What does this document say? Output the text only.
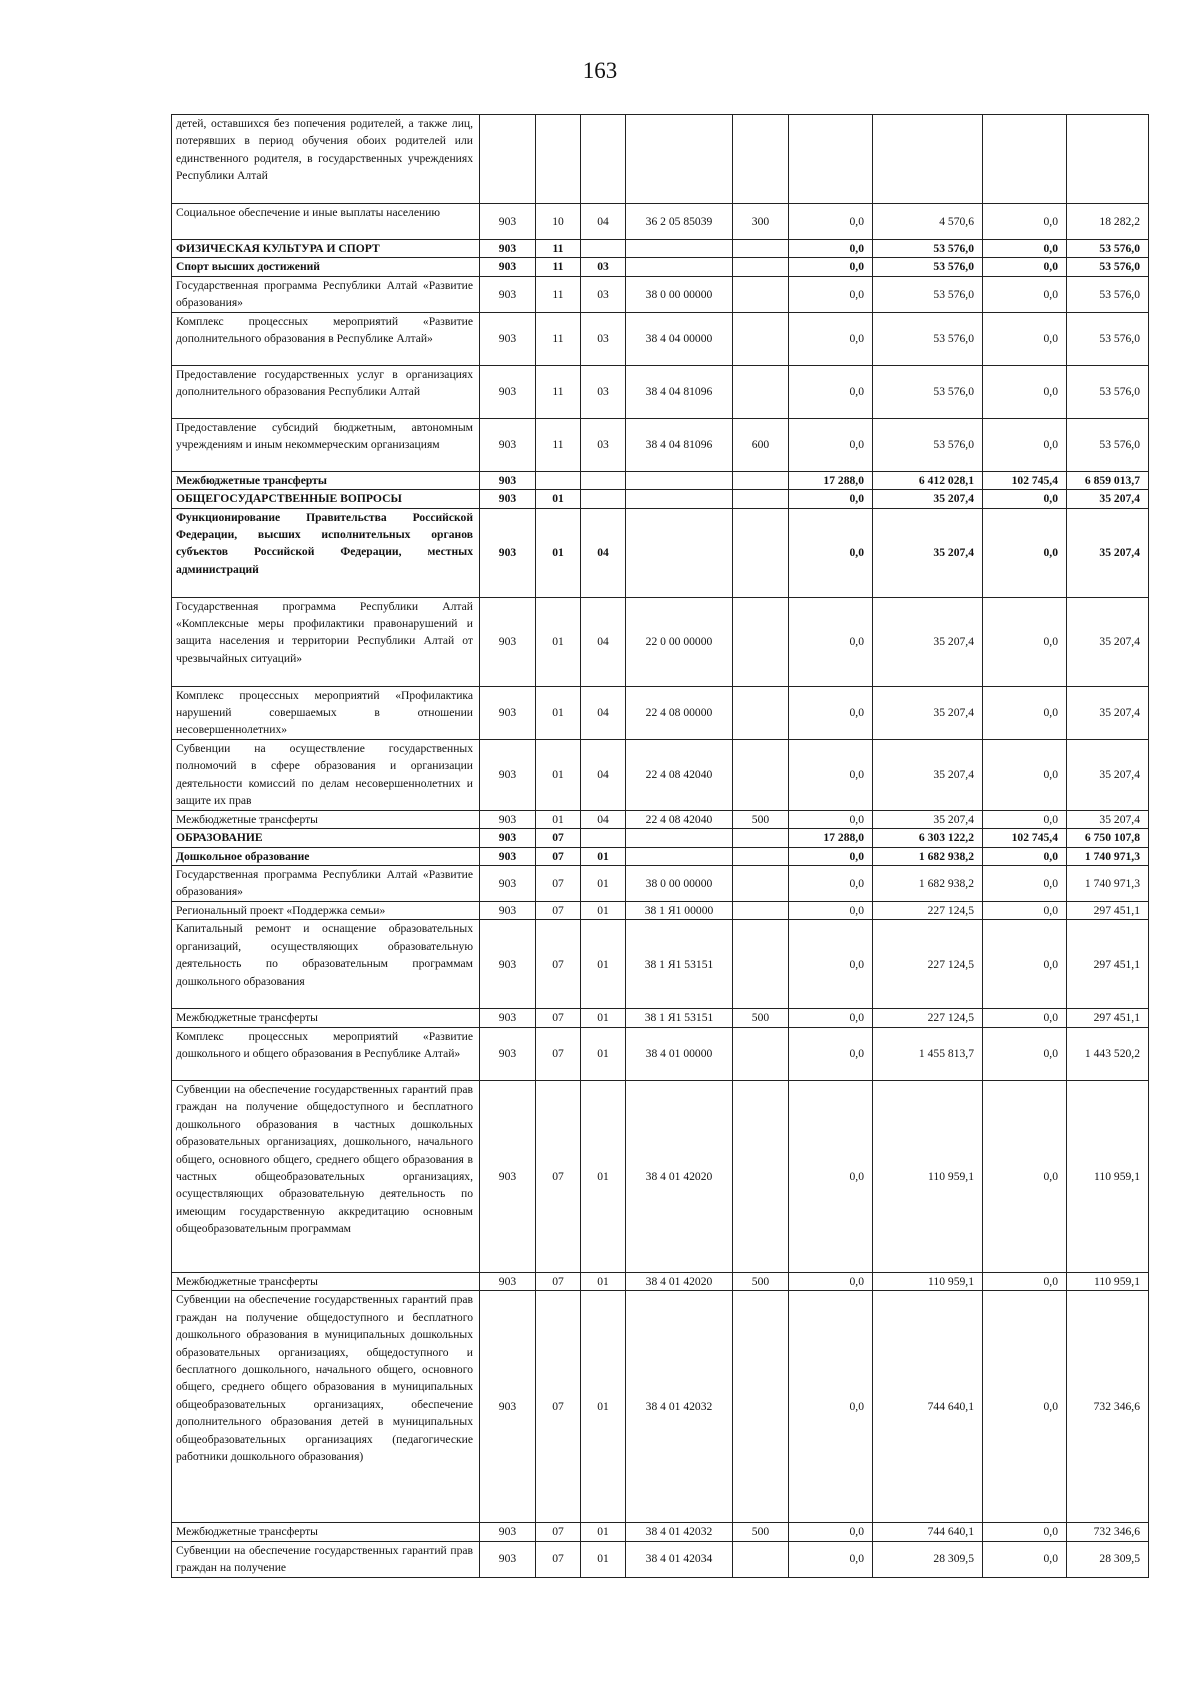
163
детей, оставшихся без попечения родителей, а также лиц, потерявших в период обучения обоих родителей или единственного родителя, в государственных учреждениях Республики Алтай									
Социальное обеспечение и иные выплаты населению	903	10	04	36 2 05 85039	300	0,0	4 570,6	0,0	18 282,2
ФИЗИЧЕСКАЯ КУЛЬТУРА И СПОРТ	903	11				0,0	53 576,0	0,0	53 576,0
Спорт высших достижений	903	11	03			0,0	53 576,0	0,0	53 576,0
Государственная программа Республики Алтай «Развитие образования»	903	11	03	38 0 00 00000		0,0	53 576,0	0,0	53 576,0
Комплекс процессных мероприятий «Развитие дополнительного образования в Республике Алтай»	903	11	03	38 4 04 00000		0,0	53 576,0	0,0	53 576,0
Предоставление государственных услуг в организациях дополнительного образования Республики Алтай	903	11	03	38 4 04 81096		0,0	53 576,0	0,0	53 576,0
Предоставление субсидий бюджетным, автономным учреждениям и иным некоммерческим организациям	903	11	03	38 4 04 81096	600	0,0	53 576,0	0,0	53 576,0
Межбюджетные трансферты	903					17 288,0	6 412 028,1	102 745,4	6 859 013,7
ОБЩЕГОСУДАРСТВЕННЫЕ ВОПРОСЫ	903	01				0,0	35 207,4	0,0	35 207,4
Функционирование Правительства Российской Федерации, высших исполнительных органов субъектов Российской Федерации, местных администраций	903	01	04			0,0	35 207,4	0,0	35 207,4
Государственная программа Республики Алтай «Комплексные меры профилактики правонарушений и защита населения и территории Республики Алтай от чрезвычайных ситуаций»	903	01	04	22 0 00 00000		0,0	35 207,4	0,0	35 207,4
Комплекс процессных мероприятий «Профилактика нарушений совершаемых в отношении несовершеннолетних»	903	01	04	22 4 08 00000		0,0	35 207,4	0,0	35 207,4
Субвенции на осуществление государственных полномочий в сфере образования и организации деятельности комиссий по делам несовершеннолетних и защите их прав	903	01	04	22 4 08 42040		0,0	35 207,4	0,0	35 207,4
Межбюджетные трансферты	903	01	04	22 4 08 42040	500	0,0	35 207,4	0,0	35 207,4
ОБРАЗОВАНИЕ	903	07				17 288,0	6 303 122,2	102 745,4	6 750 107,8
Дошкольное образование	903	07	01			0,0	1 682 938,2	0,0	1 740 971,3
Государственная программа Республики Алтай «Развитие образования»	903	07	01	38 0 00 00000		0,0	1 682 938,2	0,0	1 740 971,3
Региональный проект «Поддержка семьи»	903	07	01	38 1 Я1 00000		0,0	227 124,5	0,0	297 451,1
Капитальный ремонт и оснащение образовательных организаций, осуществляющих образовательную деятельность по образовательным программам дошкольного образования	903	07	01	38 1 Я1 53151		0,0	227 124,5	0,0	297 451,1
Межбюджетные трансферты	903	07	01	38 1 Я1 53151	500	0,0	227 124,5	0,0	297 451,1
Комплекс процессных мероприятий «Развитие дошкольного и общего образования в Республике Алтай»	903	07	01	38 4 01 00000		0,0	1 455 813,7	0,0	1 443 520,2
Субвенции на обеспечение государственных гарантий прав граждан на получение общедоступного и бесплатного дошкольного образования в частных дошкольных образовательных организациях, дошкольного, начального общего, основного общего, среднего общего образования в частных общеобразовательных организациях, осуществляющих образовательную деятельность по имеющим государственную аккредитацию основным общеобразовательным программам	903	07	01	38 4 01 42020		0,0	110 959,1	0,0	110 959,1
Межбюджетные трансферты	903	07	01	38 4 01 42020	500	0,0	110 959,1	0,0	110 959,1
Субвенции на обеспечение государственных гарантий прав граждан на получение общедоступного и бесплатного дошкольного образования в муниципальных дошкольных образовательных организациях, общедоступного и бесплатного дошкольного, начального общего, основного общего, среднего общего образования в муниципальных общеобразовательных организациях, обеспечение дополнительного образования детей в муниципальных общеобразовательных организациях (педагогические работники дошкольного образования)	903	07	01	38 4 01 42032		0,0	744 640,1	0,0	732 346,6
Межбюджетные трансферты	903	07	01	38 4 01 42032	500	0,0	744 640,1	0,0	732 346,6
Субвенции на обеспечение государственных гарантий прав граждан на получение	903	07	01	38 4 01 42034		0,0	28 309,5	0,0	28 309,5
